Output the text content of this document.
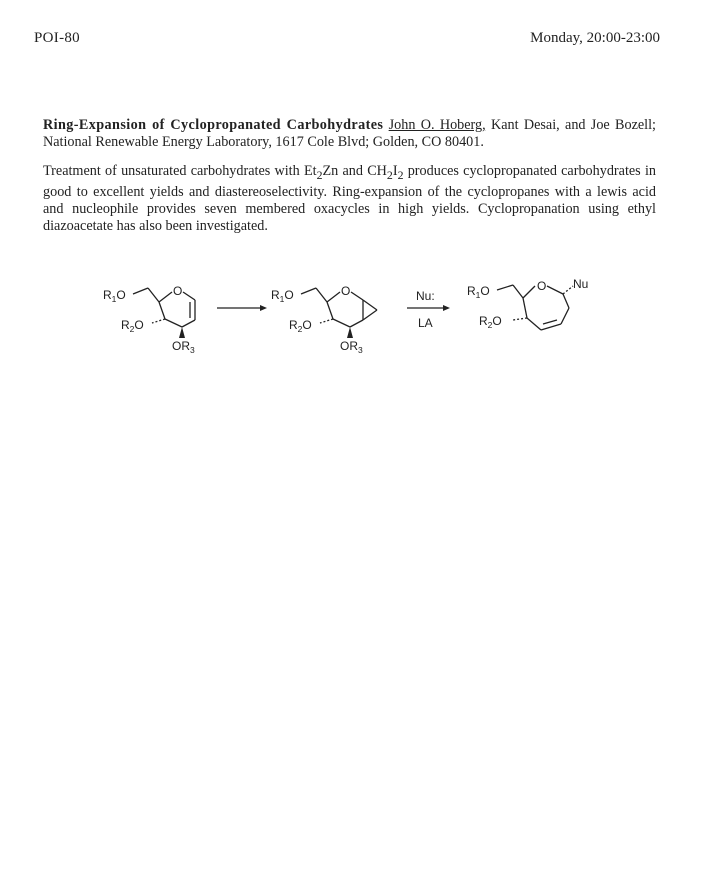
POI-80	Monday, 20:00-23:00

Ring-Expansion of Cyclopropanated Carbohydrates John O. Hoberg, Kant Desai, and Joe Bozell; National Renewable Energy Laboratory, 1617 Cole Blvd; Golden, CO 80401.

Treatment of unsaturated carbohydrates with $Et_2Zn$ and $CH_2I_2$ produces cyclopropanated carbohydrates in good to excellent yields and diastereoselectivity. Ring-expansion of the cyclopropanes with a lewis acid and nucleophile provides seven membered oxacycles in high yields. Cyclopropanation using ethyl diazoacetate has also been investigated.

$R_1O$	O
$R_2O$
$OR_3$
$R_1O$	O
$R_2O$
$OR_3$
Nu:
LA
$R_1O$	O Nu
$R_2O$
